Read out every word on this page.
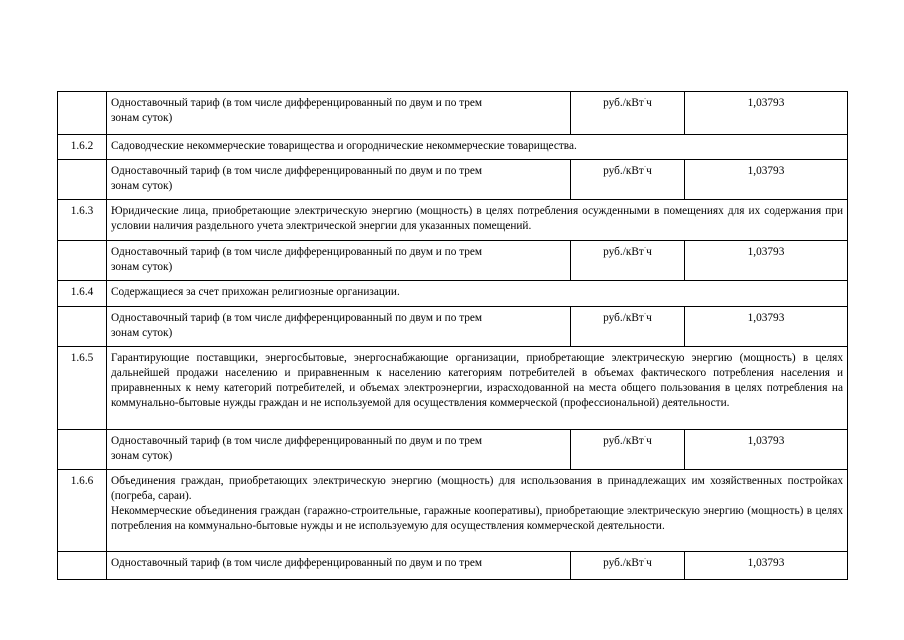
	Одноставочный тариф (в том числе дифференцированный по двум и по трем
зонам суток)	руб./кВт·ч	1,03793
1.6.2	Садоводческие некоммерческие товарищества и огороднические некоммерческие товарищества.		

	Одноставочный тариф (в том числе дифференцированный по двум и по трем
зонам суток)	руб./кВт·ч	1,03793
1.6.3	Юридические лица, приобретающие электрическую энергию (мощность) в целях потребления осужденными в помещениях для их содержания при условии наличия раздельного учета электрической энергии для указанных помещений.		

	Одноставочный тариф (в том числе дифференцированный по двум и по трем
зонам суток)	руб./кВт·ч	1,03793
1.6.4	Содержащиеся за счет прихожан религиозные организации.		

	Одноставочный тариф (в том числе дифференцированный по двум и по трем
зонам суток)	руб./кВт·ч	1,03793
1.6.5	Гарантирующие поставщики, энергосбытовые, энергоснабжающие организации, приобретающие электрическую энергию (мощность) в целях дальнейшей продажи населению и приравненным к населению категориям потребителей в объемах фактического потребления населения и приравненных к нему категорий потребителей, и объемах электроэнергии, израсходованной на места общего пользования в целях потребления на коммунально-бытовые нужды граждан и не используемой для осуществления коммерческой (профессиональной) деятельности.		

	Одноставочный тариф (в том числе дифференцированный по двум и по трем
зонам суток)	руб./кВт·ч	1,03793
1.6.6	Объединения граждан, приобретающих электрическую энергию (мощность) для использования в принадлежащих им хозяйственных постройках (погреба, сараи).
Некоммерческие объединения граждан (гаражно-строительные, гаражные кооперативы), приобретающие электрическую энергию (мощность) в целях потребления на коммунально-бытовые нужды и не используемую для осуществления коммерческой деятельности.		

	Одноставочный тариф (в том числе дифференцированный по двум и по трем	руб./кВт·ч	1,03793
